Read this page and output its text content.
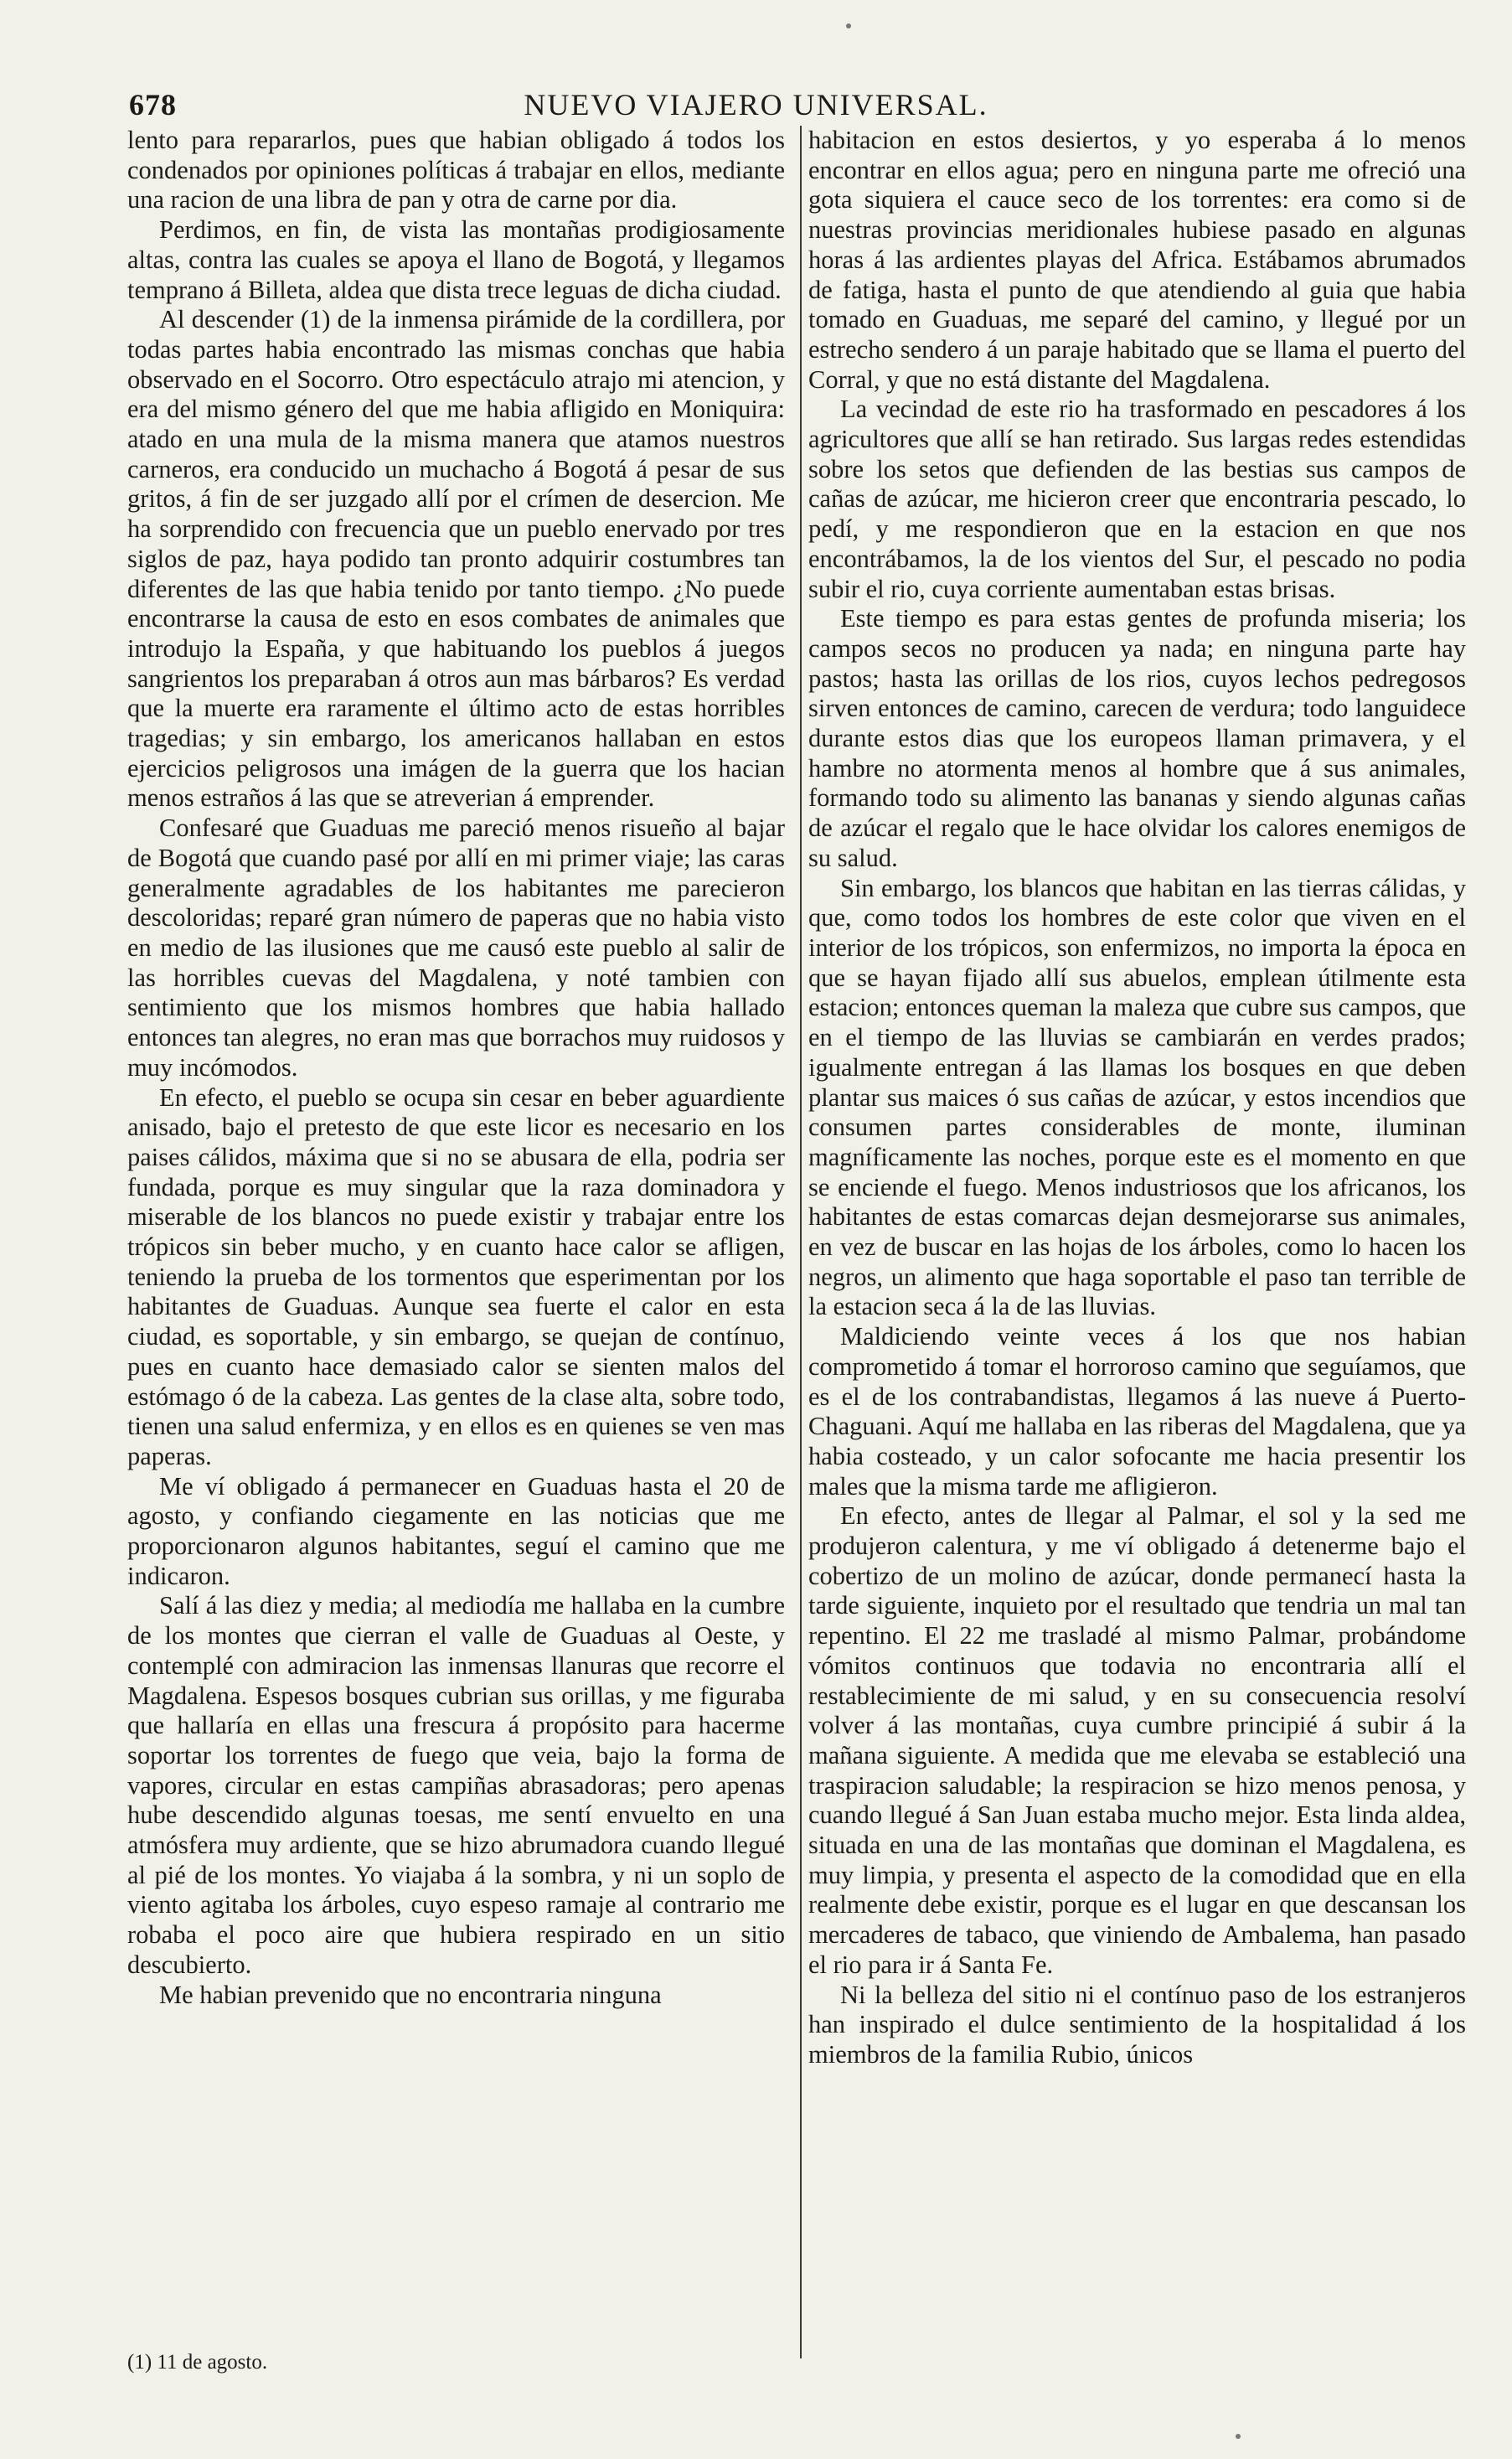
678	NUEVO VIAJERO UNIVERSAL.

lento para repararlos, pues que habian obligado á todos los condenados por opiniones políticas á trabajar en ellos, mediante una racion de una libra de pan y otra de carne por dia.

Perdimos, en fin, de vista las montañas prodigiosamente altas, contra las cuales se apoya el llano de Bogotá, y llegamos temprano á Billeta, aldea que dista trece leguas de dicha ciudad.

Al descender (1) de la inmensa pirámide de la cordillera, por todas partes habia encontrado las mismas conchas que habia observado en el Socorro. Otro espectáculo atrajo mi atencion, y era del mismo género del que me habia afligido en Moniquira: atado en una mula de la misma manera que atamos nuestros carneros, era conducido un muchacho á Bogotá á pesar de sus gritos, á fin de ser juzgado allí por el crímen de desercion. Me ha sorprendido con frecuencia que un pueblo enervado por tres siglos de paz, haya podido tan pronto adquirir costumbres tan diferentes de las que habia tenido por tanto tiempo. ¿No puede encontrarse la causa de esto en esos combates de animales que introdujo la España, y que habituando los pueblos á juegos sangrientos los preparaban á otros aun mas bárbaros? Es verdad que la muerte era raramente el último acto de estas horribles tragedias; y sin embargo, los americanos hallaban en estos ejercicios peligrosos una imágen de la guerra que los hacian menos estraños á las que se atreverian á emprender.

Confesaré que Guaduas me pareció menos risueño al bajar de Bogotá que cuando pasé por allí en mi primer viaje; las caras generalmente agradables de los habitantes me parecieron descoloridas; reparé gran número de paperas que no habia visto en medio de las ilusiones que me causó este pueblo al salir de las horribles cuevas del Magdalena, y noté tambien con sentimiento que los mismos hombres que habia hallado entonces tan alegres, no eran mas que borrachos muy ruidosos y muy incómodos.

En efecto, el pueblo se ocupa sin cesar en beber aguardiente anisado, bajo el pretesto de que este licor es necesario en los paises cálidos, máxima que si no se abusara de ella, podria ser fundada, porque es muy singular que la raza dominadora y miserable de los blancos no puede existir y trabajar entre los trópicos sin beber mucho, y en cuanto hace calor se afligen, teniendo la prueba de los tormentos que esperimentan por los habitantes de Guaduas. Aunque sea fuerte el calor en esta ciudad, es soportable, y sin embargo, se quejan de contínuo, pues en cuanto hace demasiado calor se sienten malos del estómago ó de la cabeza. Las gentes de la clase alta, sobre todo, tienen una salud enfermiza, y en ellos es en quienes se ven mas paperas.

Me ví obligado á permanecer en Guaduas hasta el 20 de agosto, y confiando ciegamente en las noticias que me proporcionaron algunos habitantes, seguí el camino que me indicaron.

Salí á las diez y media; al mediodía me hallaba en la cumbre de los montes que cierran el valle de Guaduas al Oeste, y contemplé con admiracion las inmensas llanuras que recorre el Magdalena. Espesos bosques cubrian sus orillas, y me figuraba que hallaría en ellas una frescura á propósito para hacerme soportar los torrentes de fuego que veia, bajo la forma de vapores, circular en estas campiñas abrasadoras; pero apenas hube descendido algunas toesas, me sentí envuelto en una atmósfera muy ardiente, que se hizo abrumadora cuando llegué al pié de los montes. Yo viajaba á la sombra, y ni un soplo de viento agitaba los árboles, cuyo espeso ramaje al contrario me robaba el poco aire que hubiera respirado en un sitio descubierto.

Me habian prevenido que no encontraria ninguna

habitacion en estos desiertos, y yo esperaba á lo menos encontrar en ellos agua; pero en ninguna parte me ofreció una gota siquiera el cauce seco de los torrentes: era como si de nuestras provincias meridionales hubiese pasado en algunas horas á las ardientes playas del Africa. Estábamos abrumados de fatiga, hasta el punto de que atendiendo al guia que habia tomado en Guaduas, me separé del camino, y llegué por un estrecho sendero á un paraje habitado que se llama el puerto del Corral, y que no está distante del Magdalena.

La vecindad de este rio ha trasformado en pescadores á los agricultores que allí se han retirado. Sus largas redes estendidas sobre los setos que defienden de las bestias sus campos de cañas de azúcar, me hicieron creer que encontraria pescado, lo pedí, y me respondieron que en la estacion en que nos encontrábamos, la de los vientos del Sur, el pescado no podia subir el rio, cuya corriente aumentaban estas brisas.

Este tiempo es para estas gentes de profunda miseria; los campos secos no producen ya nada; en ninguna parte hay pastos; hasta las orillas de los rios, cuyos lechos pedregosos sirven entonces de camino, carecen de verdura; todo languidece durante estos dias que los europeos llaman primavera, y el hambre no atormenta menos al hombre que á sus animales, formando todo su alimento las bananas y siendo algunas cañas de azúcar el regalo que le hace olvidar los calores enemigos de su salud.

Sin embargo, los blancos que habitan en las tierras cálidas, y que, como todos los hombres de este color que viven en el interior de los trópicos, son enfermizos, no importa la época en que se hayan fijado allí sus abuelos, emplean útilmente esta estacion; entonces queman la maleza que cubre sus campos, que en el tiempo de las lluvias se cambiarán en verdes prados; igualmente entregan á las llamas los bosques en que deben plantar sus maices ó sus cañas de azúcar, y estos incendios que consumen partes considerables de monte, iluminan magníficamente las noches, porque este es el momento en que se enciende el fuego. Menos industriosos que los africanos, los habitantes de estas comarcas dejan desmejorarse sus animales, en vez de buscar en las hojas de los árboles, como lo hacen los negros, un alimento que haga soportable el paso tan terrible de la estacion seca á la de las lluvias.

Maldiciendo veinte veces á los que nos habian comprometido á tomar el horroroso camino que seguíamos, que es el de los contrabandistas, llegamos á las nueve á Puerto-Chaguani. Aquí me hallaba en las riberas del Magdalena, que ya habia costeado, y un calor sofocante me hacia presentir los males que la misma tarde me afligieron.

En efecto, antes de llegar al Palmar, el sol y la sed me produjeron calentura, y me ví obligado á detenerme bajo el cobertizo de un molino de azúcar, donde permanecí hasta la tarde siguiente, inquieto por el resultado que tendria un mal tan repentino. El 22 me trasladé al mismo Palmar, probándome vómitos continuos que todavia no encontraria allí el restablecimiente de mi salud, y en su consecuencia resolví volver á las montañas, cuya cumbre principié á subir á la mañana siguiente. A medida que me elevaba se estableció una traspiracion saludable; la respiracion se hizo menos penosa, y cuando llegué á San Juan estaba mucho mejor. Esta linda aldea, situada en una de las montañas que dominan el Magdalena, es muy limpia, y presenta el aspecto de la comodidad que en ella realmente debe existir, porque es el lugar en que descansan los mercaderes de tabaco, que viniendo de Ambalema, han pasado el rio para ir á Santa Fe.

Ni la belleza del sitio ni el contínuo paso de los estranjeros han inspirado el dulce sentimiento de la hospitalidad á los miembros de la familia Rubio, únicos

(1) 11 de agosto.
